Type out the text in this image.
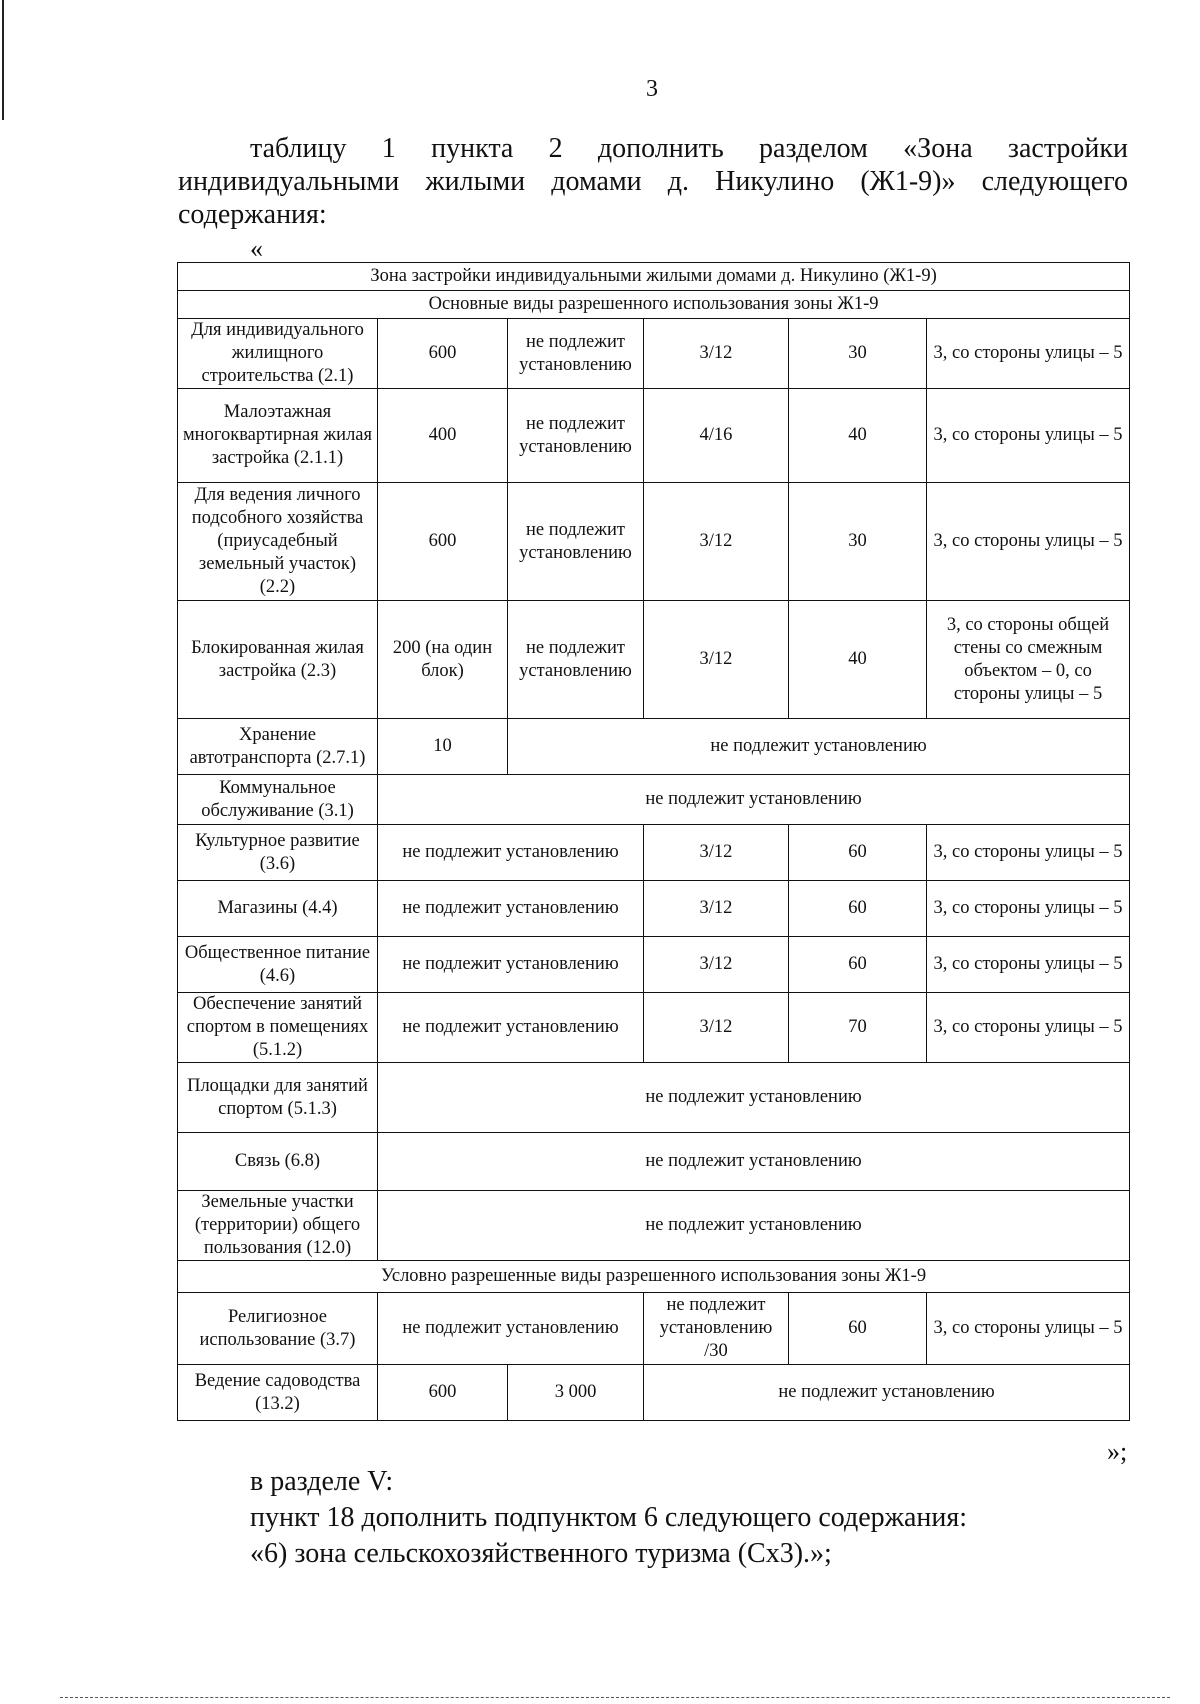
3
таблицу 1 пункта 2 дополнить разделом «Зона застройки
индивидуальными жилыми домами д. Никулино (Ж1-9)» следующего
содержания:
«
Зона застройки индивидуальными жилыми домами д. Никулино (Ж1-9)					
Основные виды разрешенного использования зоны Ж1-9					
Для индивидуального жилищного строительства (2.1)	600	не подлежит установлению	3/12	30	3, со стороны улицы – 5
Малоэтажная многоквартирная жилая застройка (2.1.1)	400	не подлежит установлению	4/16	40	3, со стороны улицы – 5
Для ведения личного подсобного хозяйства (приусадебный земельный участок) (2.2)	600	не подлежит установлению	3/12	30	3, со стороны улицы – 5
Блокированная жилая застройка (2.3)	200 (на один блок)	не подлежит установлению	3/12	40	3, со стороны общей стены со смежным объектом – 0, со стороны улицы – 5
Хранение автотранспорта (2.7.1)	10	не подлежит установлению			
Коммунальное обслуживание (3.1)	не подлежит установлению				
Культурное развитие (3.6)	не подлежит установлению		3/12	60	3, со стороны улицы – 5
Магазины (4.4)	не подлежит установлению		3/12	60	3, со стороны улицы – 5
Общественное питание (4.6)	не подлежит установлению		3/12	60	3, со стороны улицы – 5
Обеспечение занятий спортом в помещениях (5.1.2)	не подлежит установлению		3/12	70	3, со стороны улицы – 5
Площадки для занятий спортом (5.1.3)	не подлежит установлению				
Связь (6.8)	не подлежит установлению				
Земельные участки (территории) общего пользования (12.0)	не подлежит установлению				
Условно разрешенные виды разрешенного использования зоны Ж1-9					
Религиозное использование (3.7)	не подлежит установлению		не подлежит установлению /30	60	3, со стороны улицы – 5
Ведение садоводства (13.2)	600	3 000	не подлежит установлению		
»;
в разделе V:
пункт 18 дополнить подпунктом 6 следующего содержания:
«6) зона сельскохозяйственного туризма (Сх3).»;
